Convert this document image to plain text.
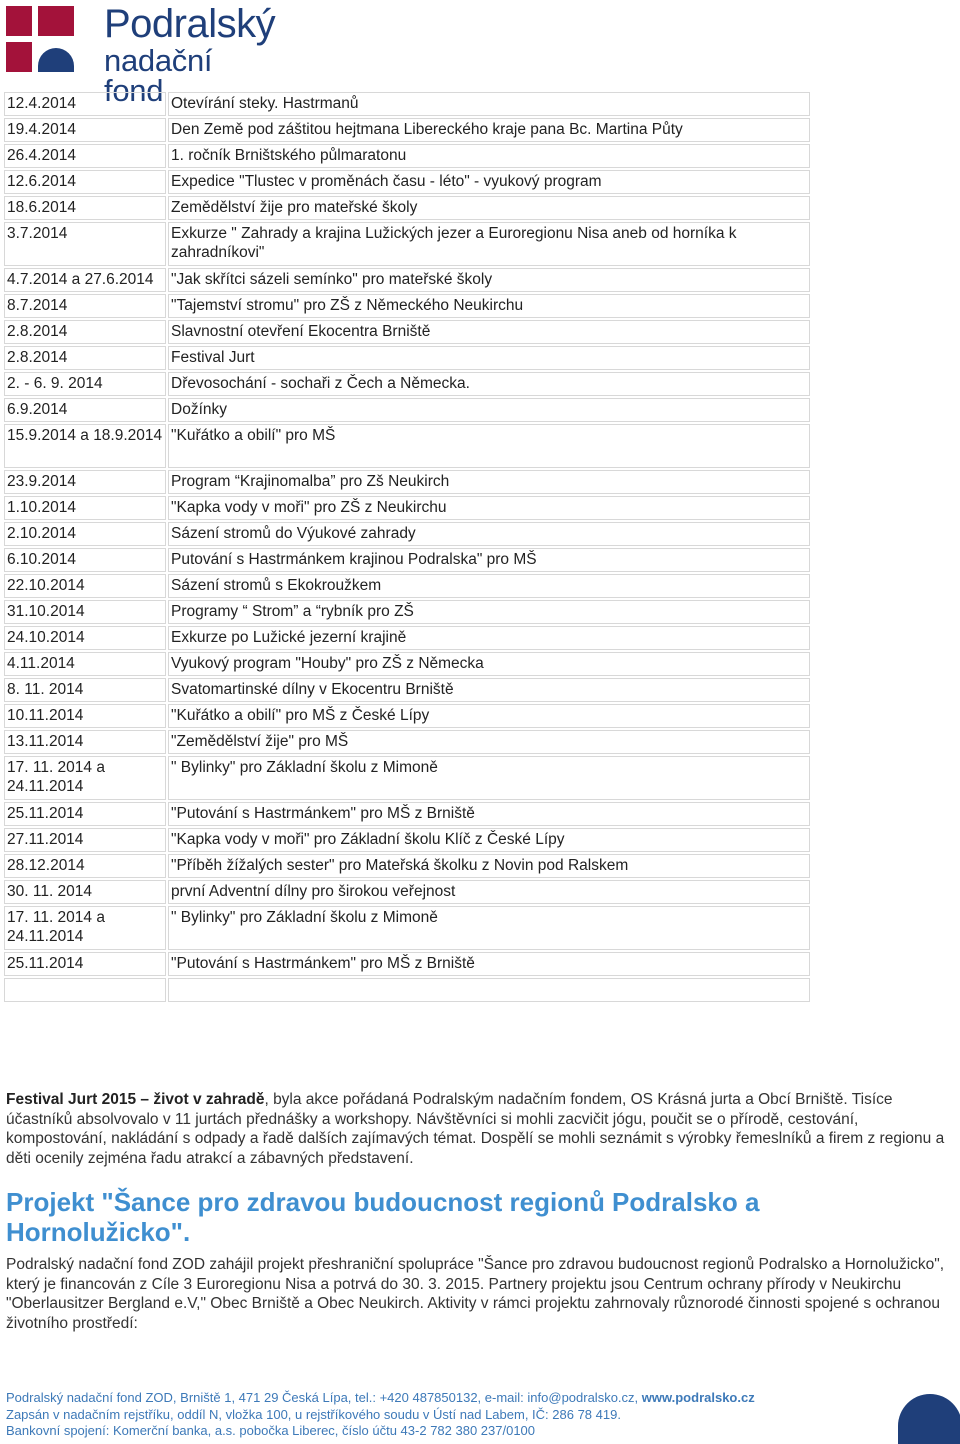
Podralský
nadační fond
12.4.2014	Otevírání steky. Hastrmanů
19.4.2014	Den Země pod záštitou hejtmana Libereckého kraje pana Bc. Martina Půty
26.4.2014	1. ročník Brništského půlmaratonu
12.6.2014	Expedice "Tlustec v proměnách času - léto" - vyukový program
18.6.2014	Zemědělství žije pro mateřské školy
3.7.2014	Exkurze " Zahrady a krajina Lužických jezer a Euroregionu Nisa aneb od horníka k zahradníkovi"
4.7.2014 a 27.6.2014	"Jak skřítci sázeli semínko" pro mateřské školy
8.7.2014	"Tajemství stromu" pro ZŠ z Německého Neukirchu
2.8.2014	Slavnostní otevření Ekocentra Brniště
2.8.2014	Festival Jurt
2. - 6. 9. 2014	Dřevosochání - sochaři z Čech a Německa.
6.9.2014	Dožínky
15.9.2014 a 18.9.2014	"Kuřátko a obilí" pro MŠ
23.9.2014	Program “Krajinomalba” pro Zš Neukirch
1.10.2014	"Kapka vody v moři" pro ZŠ z Neukirchu
2.10.2014	Sázení stromů do Výukové zahrady
6.10.2014	Putování s Hastrmánkem krajinou Podralska" pro MŠ
22.10.2014	Sázení stromů s Ekokroužkem
31.10.2014	Programy “ Strom” a “rybník pro ZŠ
24.10.2014	Exkurze po Lužické jezerní krajině
4.11.2014	Vyukový program "Houby" pro ZŠ z Německa
8. 11. 2014	Svatomartinské dílny v Ekocentru Brniště
10.11.2014	"Kuřátko a obilí" pro MŠ z České Lípy
13.11.2014	"Zemědělství žije" pro MŠ
17. 11. 2014 a 24.11.2014	" Bylinky" pro Základní školu z Mimoně
25.11.2014	"Putování s Hastrmánkem" pro MŠ z Brniště
27.11.2014	"Kapka vody v moři" pro Základní školu Klíč z České Lípy
28.12.2014	"Příběh žížalých sester" pro Mateřská školku z Novin pod Ralskem
30. 11. 2014	první Adventní dílny pro širokou veřejnost
17. 11. 2014 a 24.11.2014	" Bylinky" pro Základní školu z Mimoně
25.11.2014	"Putování s Hastrmánkem" pro MŠ z Brniště

Festival Jurt 2015 – život v zahradě, byla akce pořádaná Podralským nadačním fondem, OS Krásná jurta a Obcí Brniště. Tisíce účastníků absolvovalo v 11 jurtách přednášky a workshopy. Návštěvníci si mohli zacvičit jógu, poučit se o přírodě, cestování, kompostování, nakládání s odpady a řadě dalších zajímavých témat. Dospělí se mohli seznámit s výrobky řemeslníků a firem z regionu a děti ocenily zejména řadu atrakcí a zábavných představení.
Projekt "Šance pro zdravou budoucnost regionů Podralsko a Hornolužicko".
Podralský nadační fond ZOD zahájil projekt přeshraniční spolupráce "Šance pro zdravou budoucnost regionů Podralsko a Hornolužicko", který je financován z Cíle 3 Euroregionu Nisa a potrvá do 30. 3. 2015. Partnery projektu jsou Centrum ochrany přírody v Neukirchu "Oberlausitzer Bergland e.V," Obec Brniště a Obec Neukirch. Aktivity v rámci projektu zahrnovaly různorodé činnosti spojené s ochranou životního prostředí:
Podralský nadační fond ZOD, Brniště 1, 471 29 Česká Lípa, tel.: +420 487850132, e-mail: info@podralsko.cz, www.podralsko.cz
Zapsán v nadačním rejstříku, oddíl N, vložka 100, u rejstříkového soudu v Ústí nad Labem, IČ: 286 78 419.
Bankovní spojení: Komerční banka, a.s. pobočka Liberec, číslo účtu 43-2 782 380 237/0100
